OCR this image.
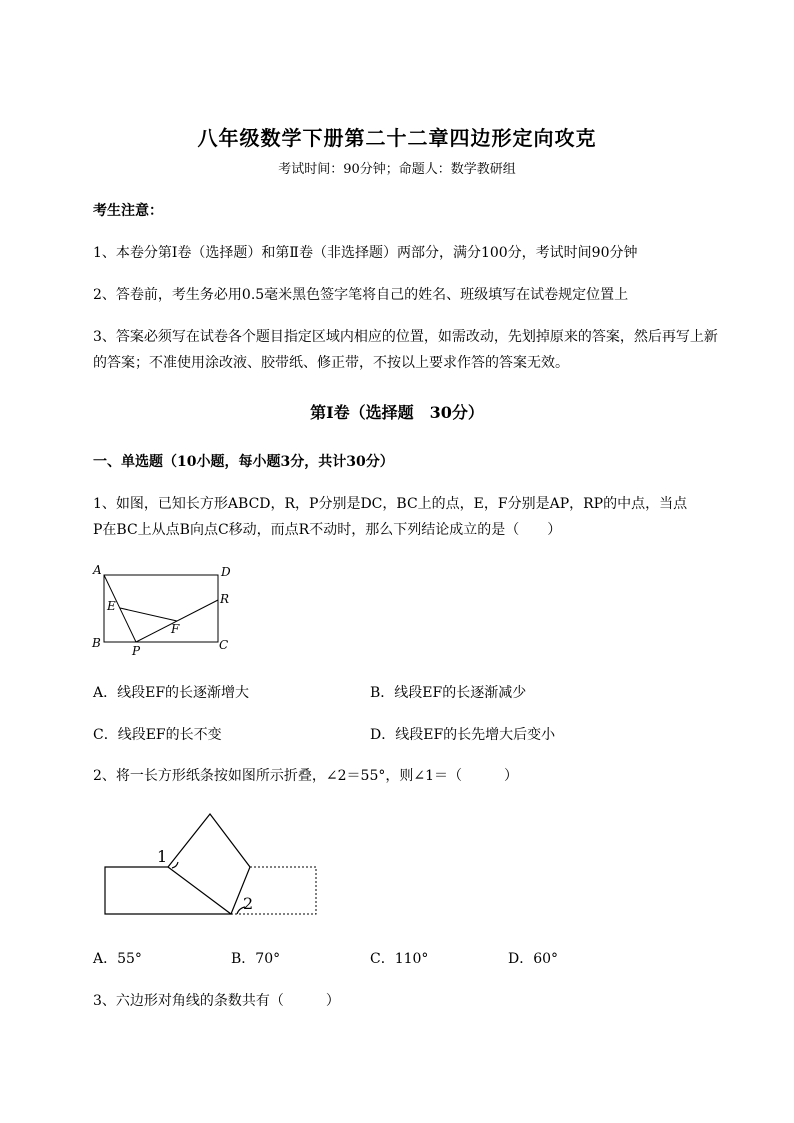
八年级数学下册第二十二章四边形定向攻克
考试时间：90分钟；命题人：数学教研组
考生注意：
1、本卷分第Ⅰ卷（选择题）和第Ⅱ卷（非选择题）两部分，满分100分，考试时间90分钟
2、答卷前，考生务必用0.5毫米黑色签字笔将自己的姓名、班级填写在试卷规定位置上
3、答案必须写在试卷各个题目指定区域内相应的位置，如需改动，先划掉原来的答案，然后再写上新
的答案；不准使用涂改液、胶带纸、修正带，不按以上要求作答的答案无效。
第Ⅰ卷（选择题　30分）
一、单选题（10小题，每小题3分，共计30分）
1、如图，已知长方形ABCD，R，P分别是DC，BC上的点，E，F分别是AP，RP的中点，当点
P在BC上从点B向点C移动，而点R不动时，那么下列结论成立的是（　　）
A	D
B	C
E	R
F
P
A．线段EF的长逐渐增大	B．线段EF的长逐渐减少
C．线段EF的长不变	D．线段EF的长先增大后变小
2、将一长方形纸条按如图所示折叠，∠2＝55°，则∠1＝（　　　）
1
2
A．55°	B．70°	C．110°	D．60°
3、六边形对角线的条数共有（　　　）
